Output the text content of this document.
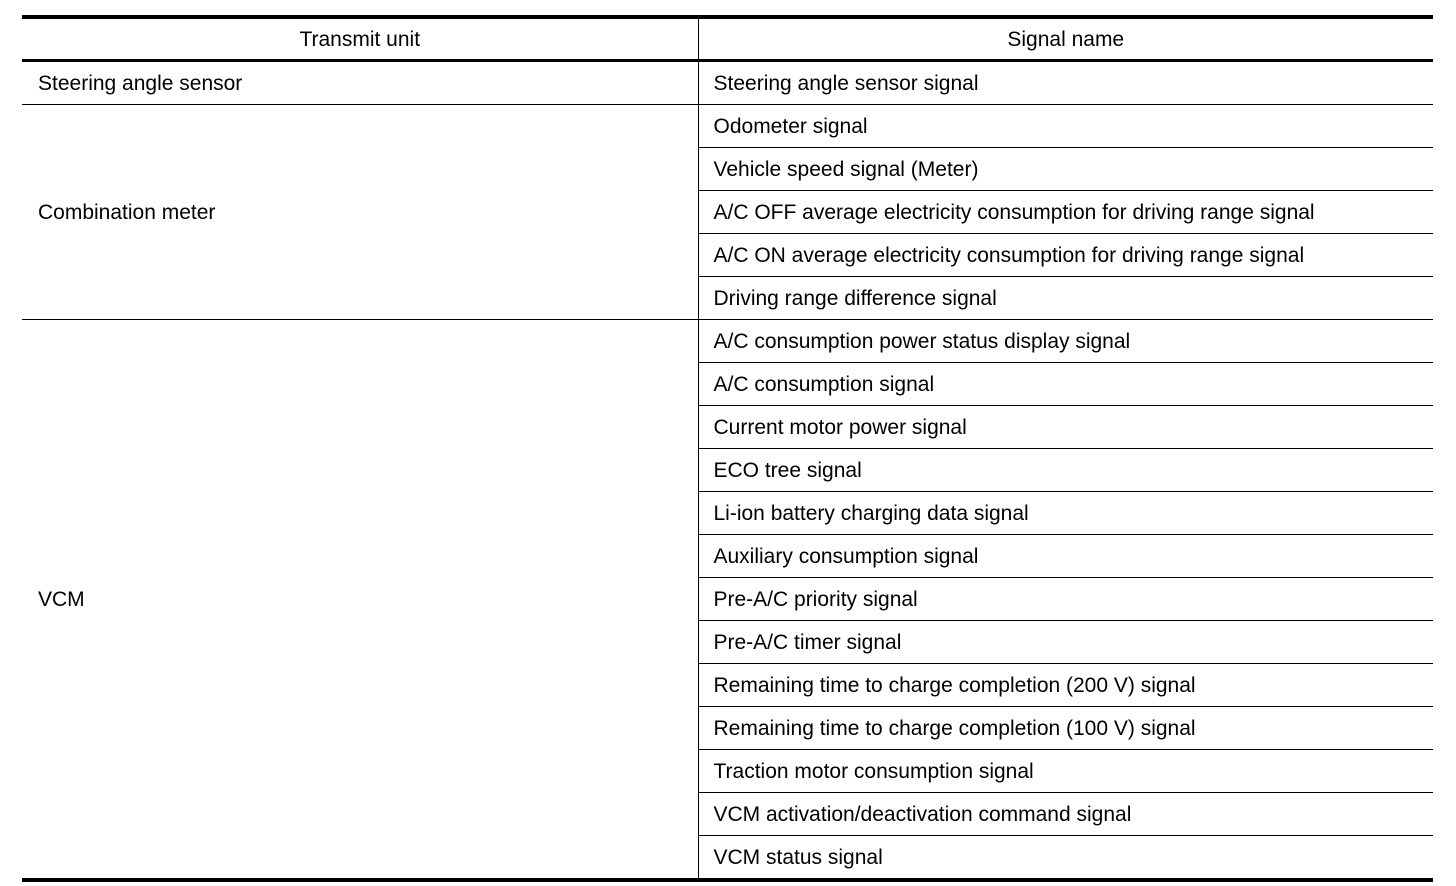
Transmit unit	Signal name
Steering angle sensor	Steering angle sensor signal
Combination meter	Odometer signal
	Vehicle speed signal (Meter)
	A/C OFF average electricity consumption for driving range signal
	A/C ON average electricity consumption for driving range signal
	Driving range difference signal
VCM	A/C consumption power status display signal
	A/C consumption signal
	Current motor power signal
	ECO tree signal
	Li-ion battery charging data signal
	Auxiliary consumption signal
	Pre-A/C priority signal
	Pre-A/C timer signal
	Remaining time to charge completion (200 V) signal
	Remaining time to charge completion (100 V) signal
	Traction motor consumption signal
	VCM activation/deactivation command signal
	VCM status signal
